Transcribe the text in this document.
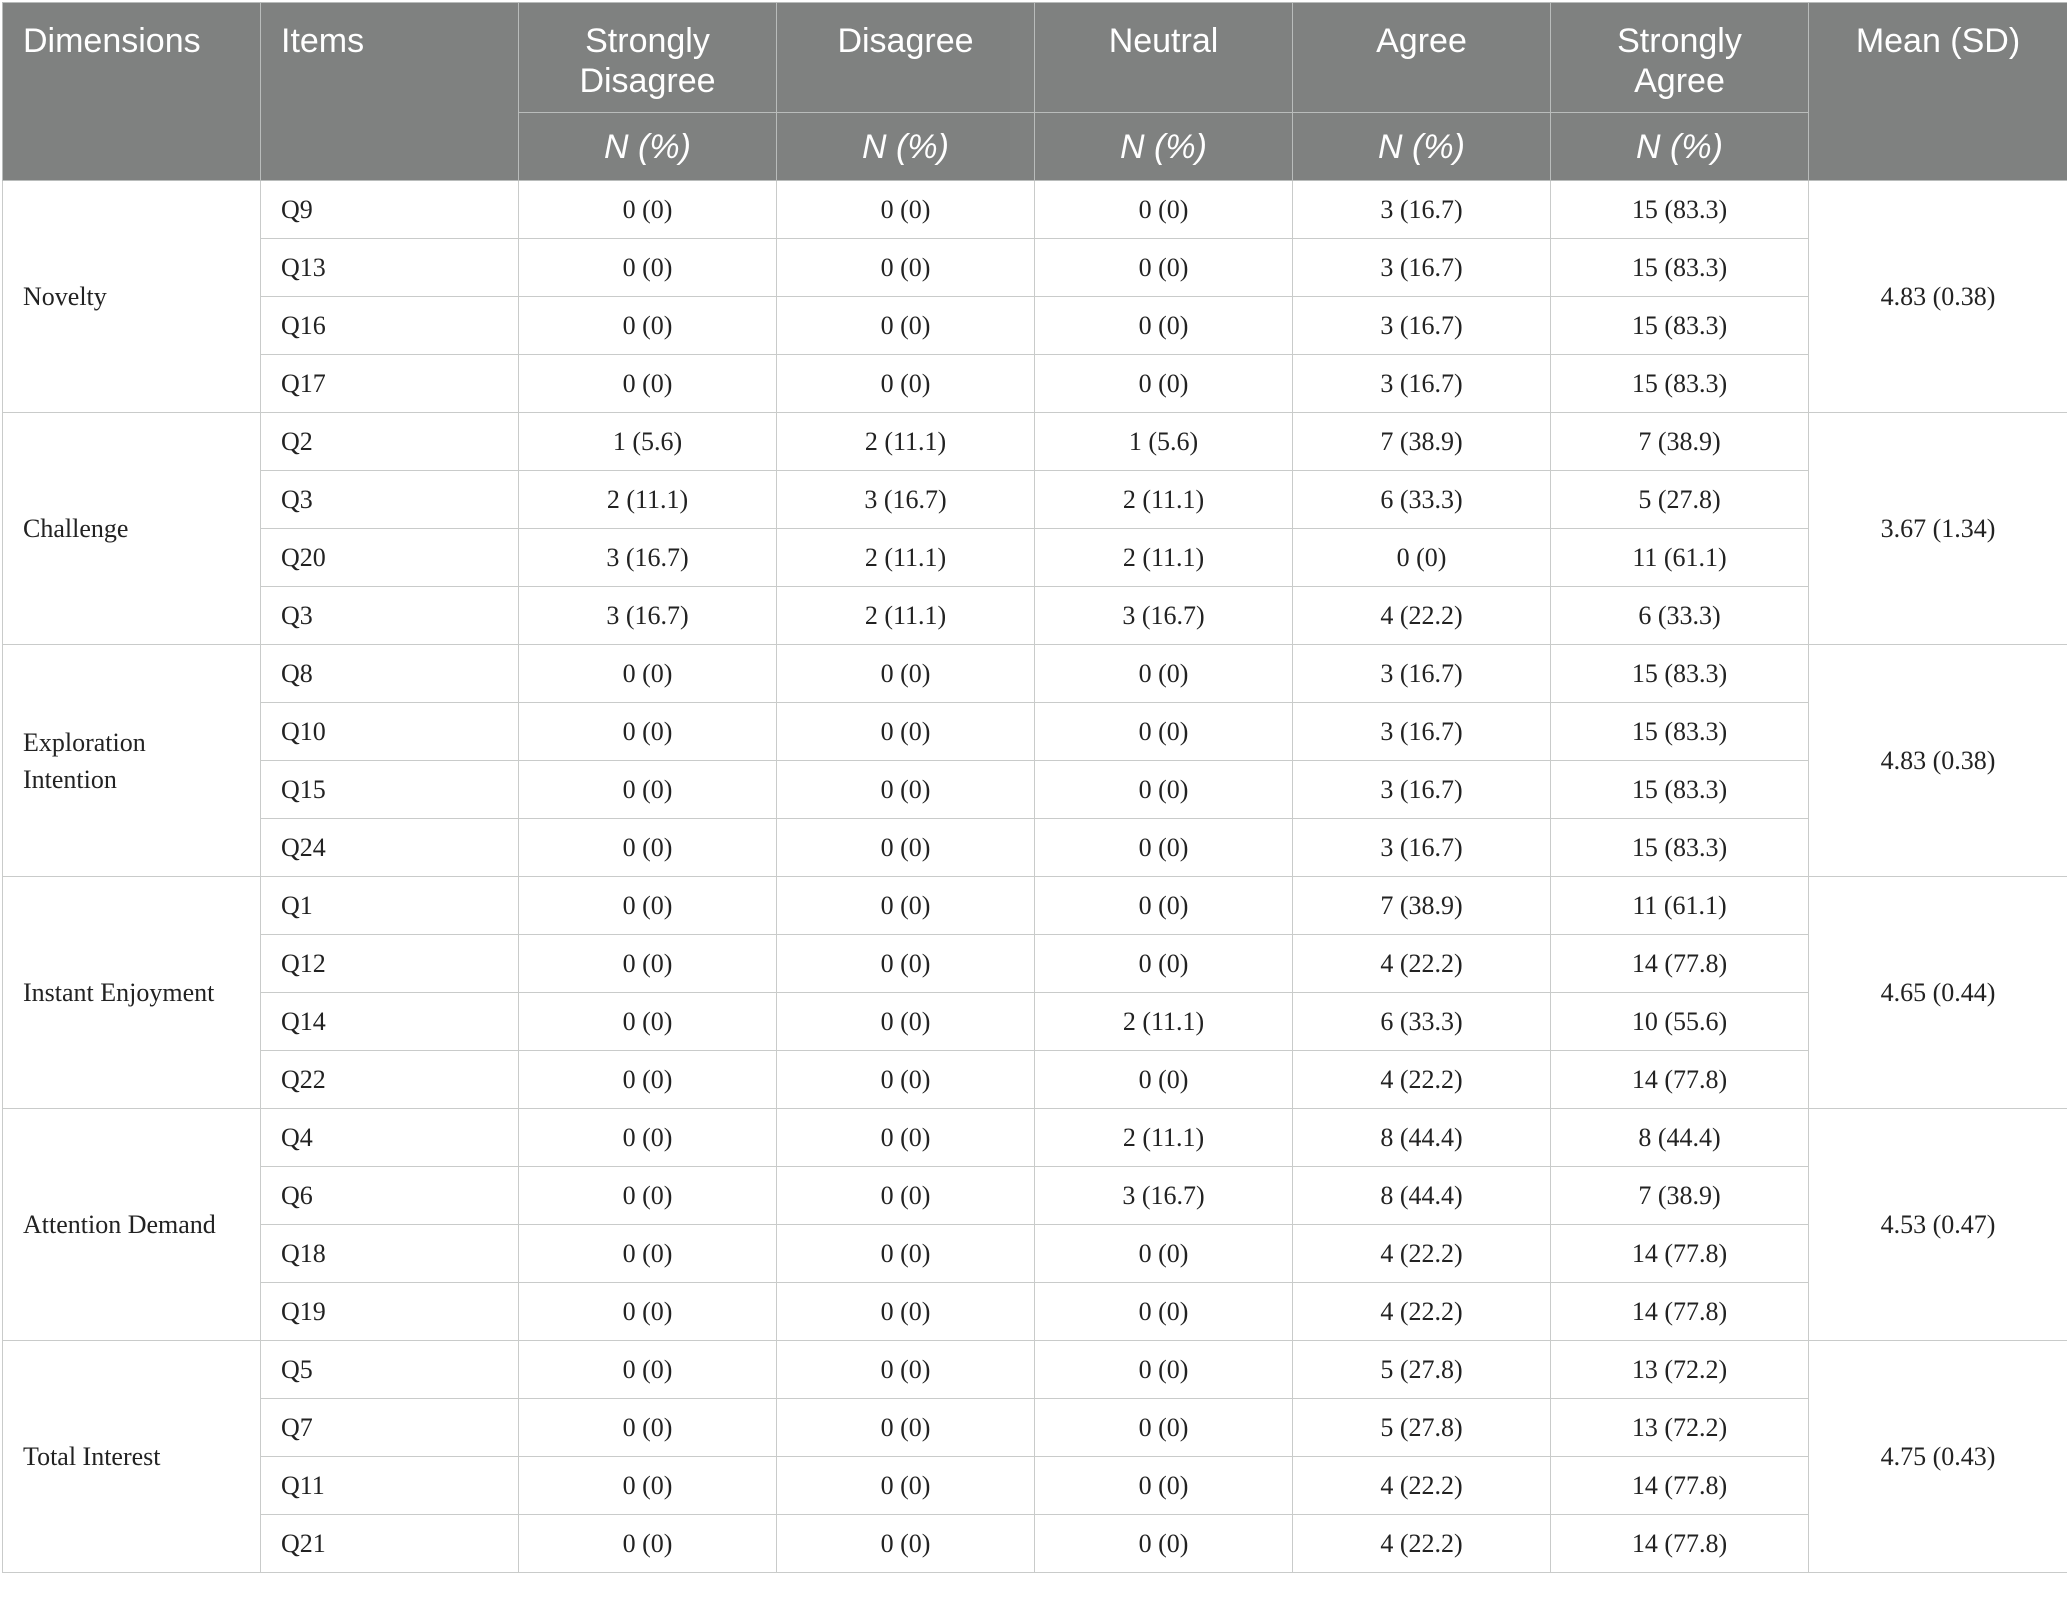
Dimensions	Items	Strongly Disagree	Disagree	Neutral	Agree	Strongly Agree	Mean (SD)
		N (%)	N (%)	N (%)	N (%)	N (%)	
Novelty	Q9	0 (0)	0 (0)	0 (0)	3 (16.7)	15 (83.3)	4.83 (0.38)
	Q13	0 (0)	0 (0)	0 (0)	3 (16.7)	15 (83.3)	
	Q16	0 (0)	0 (0)	0 (0)	3 (16.7)	15 (83.3)	
	Q17	0 (0)	0 (0)	0 (0)	3 (16.7)	15 (83.3)	
Challenge	Q2	1 (5.6)	2 (11.1)	1 (5.6)	7 (38.9)	7 (38.9)	3.67 (1.34)
	Q3	2 (11.1)	3 (16.7)	2 (11.1)	6 (33.3)	5 (27.8)	
	Q20	3 (16.7)	2 (11.1)	2 (11.1)	0 (0)	11 (61.1)	
	Q3	3 (16.7)	2 (11.1)	3 (16.7)	4 (22.2)	6 (33.3)	
Exploration Intention	Q8	0 (0)	0 (0)	0 (0)	3 (16.7)	15 (83.3)	4.83 (0.38)
	Q10	0 (0)	0 (0)	0 (0)	3 (16.7)	15 (83.3)	
	Q15	0 (0)	0 (0)	0 (0)	3 (16.7)	15 (83.3)	
	Q24	0 (0)	0 (0)	0 (0)	3 (16.7)	15 (83.3)	
Instant Enjoyment	Q1	0 (0)	0 (0)	0 (0)	7 (38.9)	11 (61.1)	4.65 (0.44)
	Q12	0 (0)	0 (0)	0 (0)	4 (22.2)	14 (77.8)	
	Q14	0 (0)	0 (0)	2 (11.1)	6 (33.3)	10 (55.6)	
	Q22	0 (0)	0 (0)	0 (0)	4 (22.2)	14 (77.8)	
Attention Demand	Q4	0 (0)	0 (0)	2 (11.1)	8 (44.4)	8 (44.4)	4.53 (0.47)
	Q6	0 (0)	0 (0)	3 (16.7)	8 (44.4)	7 (38.9)	
	Q18	0 (0)	0 (0)	0 (0)	4 (22.2)	14 (77.8)	
	Q19	0 (0)	0 (0)	0 (0)	4 (22.2)	14 (77.8)	
Total Interest	Q5	0 (0)	0 (0)	0 (0)	5 (27.8)	13 (72.2)	4.75 (0.43)
	Q7	0 (0)	0 (0)	0 (0)	5 (27.8)	13 (72.2)	
	Q11	0 (0)	0 (0)	0 (0)	4 (22.2)	14 (77.8)	
	Q21	0 (0)	0 (0)	0 (0)	4 (22.2)	14 (77.8)	
